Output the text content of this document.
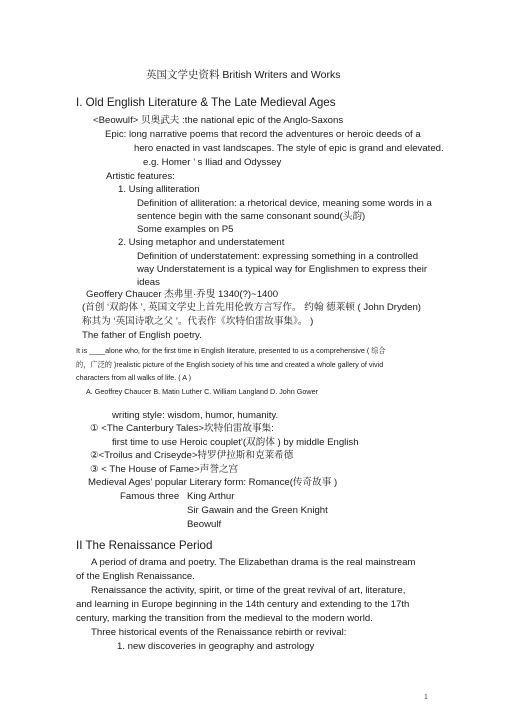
英国文学史资料 British Writers and Works
I. Old English Literature & The Late Medieval Ages
<Beowulf> 贝奥武夫 :the national epic of the Anglo-Saxons
Epic: long narrative poems that record the adventures or heroic deeds of a
hero enacted in vast landscapes. The style of epic is grand and elevated.
e.g. Homer ’ s Iliad and Odyssey
Artistic features:
1. Using alliteration
Definition of alliteration: a rhetorical device, meaning some words in a
sentence begin with the same consonant sound(头韵)
Some examples on P5
2. Using metaphor and understatement
Definition of understatement: expressing something in a controlled
way Understatement is a typical way for Englishmen to express their
ideas
Geoffery Chaucer 杰弗里·乔叟 1340(?)~1400
(首创 ‘双韵体 ’, 英国文学史上首先用伦敦方言写作。 约翰 德莱顿 ( John Dryden)
称其为 ‘英国诗歌之父 ’。代表作《坎特伯雷故事集》。 )
The father of English poetry.
It is ____alone who, for the first time in English literature, presented to us a comprehensive ( 综合
的，广泛的 )realistic picture of the English society of his time and created a whole gallery of vivid
characters from all walks of life. ( A )
A. Geoffrey Chaucer B. Matin Luther C. William Langland D. John Gower
writing style: wisdom, humor, humanity.
① <The Canterbury Tales>坎特伯雷故事集:
first time to use Heroic couplet'(双韵体 ) by middle English
②<Troilus and Criseyde>特罗伊拉斯和克莱希德
③ < The House of Fame>声誉之宫
Medieval Ages’ popular Literary form: Romance(传奇故事 )
Famous three King Arthur
Sir Gawain and the Green Knight
Beowulf
II The Renaissance Period
A period of drama and poetry. The Elizabethan drama is the real mainstream
of the English Renaissance.
Renaissance the activity, spirit, or time of the great revival of art, literature,
and learning in Europe beginning in the 14th century and extending to the 17th
century, marking the transition from the medieval to the modern world.
Three historical events of the Renaissance rebirth or revival:
1. new discoveries in geography and astrology
1
